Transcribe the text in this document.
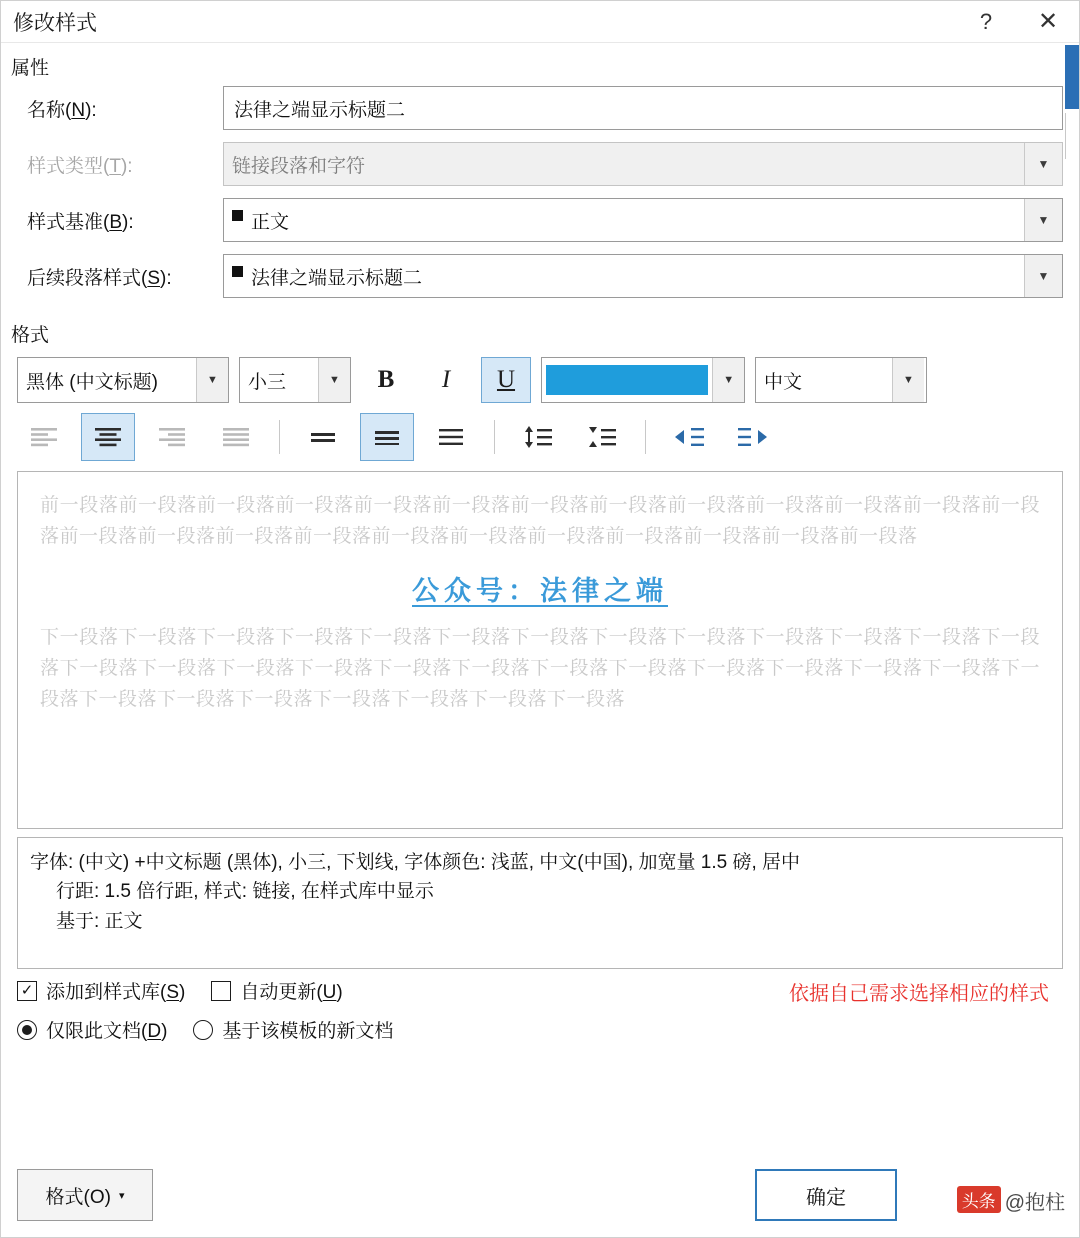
修改样式	?	✕
属性
名称(N):	法律之端显示标题二
样式类型(T):	链接段落和字符	▼
样式基准(B):	正文	▼
后续段落样式(S):	法律之端显示标题二	▼
格式
黑体 (中文标题)	▼	小三	▼	B	I	U	▼	中文	▼
前一段落前一段落前一段落前一段落前一段落前一段落前一段落前一段落前一段落前一段落前一段落前一段落前一段落前一段落前一段落前一段落前一段落前一段落前一段落前一段落前一段落前一段落前一段落前一段落
公众号：法律之端
下一段落下一段落下一段落下一段落下一段落下一段落下一段落下一段落下一段落下一段落下一段落下一段落下一段落下一段落下一段落下一段落下一段落下一段落下一段落下一段落下一段落下一段落下一段落下一段落下一段落下一段落下一段落下一段落下一段落下一段落下一段落下一段落下一段落
字体: (中文) +中文标题 (黑体), 小三, 下划线, 字体颜色: 浅蓝, 中文(中国), 加宽量 1.5 磅, 居中
行距: 1.5 倍行距, 样式: 链接, 在样式库中显示
基于: 正文
依据自己需求选择相应的样式
✓ 添加到样式库(S)	自动更新(U)
仅限此文档(D)	基于该模板的新文档
格式(O) ▾	确定	头条 @抱柱
